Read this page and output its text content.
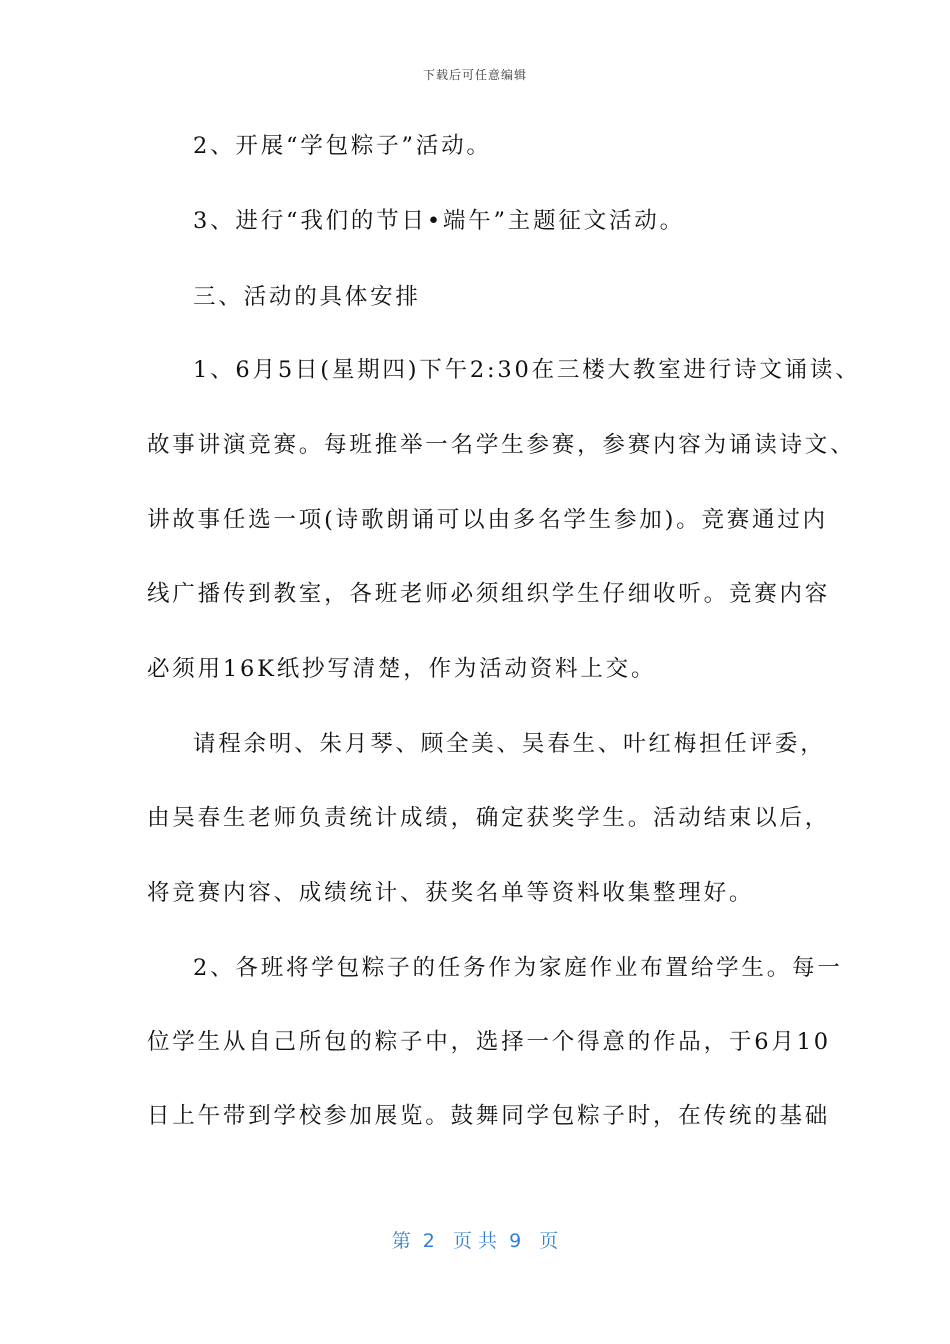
下载后可任意编辑
2、开展“学包粽子”活动。
3、进行“我们的节日•端午”主题征文活动。
三、活动的具体安排
1、6月5日(星期四)下午2:30在三楼大教室进行诗文诵读、
故事讲演竞赛。每班推举一名学生参赛，参赛内容为诵读诗文、
讲故事任选一项(诗歌朗诵可以由多名学生参加)。竞赛通过内
线广播传到教室，各班老师必须组织学生仔细收听。竞赛内容
必须用16K纸抄写清楚，作为活动资料上交。
请程余明、朱月琴、顾全美、吴春生、叶红梅担任评委，
由吴春生老师负责统计成绩，确定获奖学生。活动结束以后，
将竞赛内容、成绩统计、获奖名单等资料收集整理好。
2、各班将学包粽子的任务作为家庭作业布置给学生。每一
位学生从自己所包的粽子中，选择一个得意的作品，于6月10
日上午带到学校参加展览。鼓舞同学包粽子时，在传统的基础
第  2   页 共  9   页
